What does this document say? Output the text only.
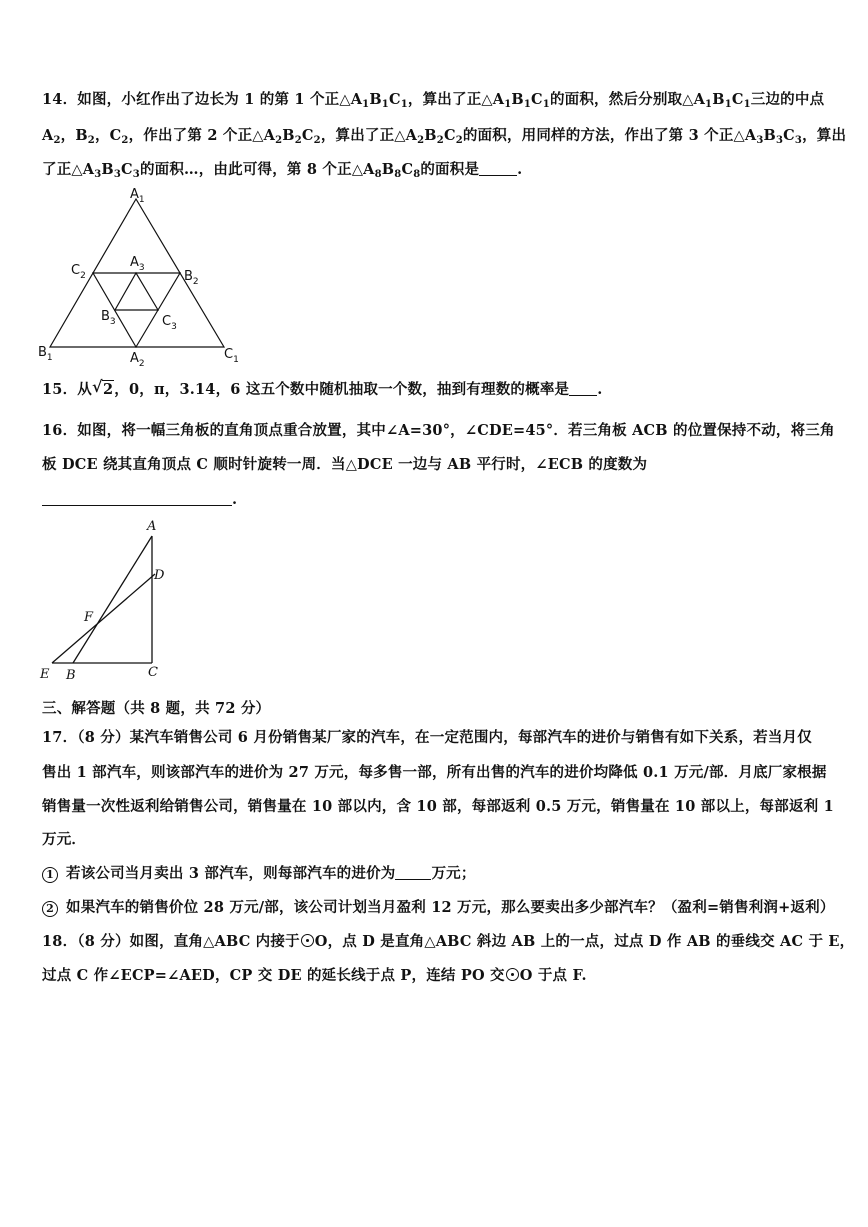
14．如图，小红作出了边长为 1 的第 1 个正$\triangle A_1B_1C_1$，算出了正$\triangle A_1B_1C_1$的面积，然后分别取$\triangle A_1B_1C_1$三边的中点
$A_2$，$B_2$，$C_2$，作出了第 2 个正$\triangle A_2B_2C_2$，算出了正$\triangle A_2B_2C_2$的面积，用同样的方法，作出了第 3 个正$\triangle A_3B_3C_3$，算出
了正$\triangle A_3B_3C_3$的面积…，由此可得，第 8 个正$\triangle A_8B_8C_8$的面积是	.
$A_1$
$A_3$
$C_2$	$B_2$
$B_3$	$C_3$
$B_1$	$A_2$
$C_1$
15．从 √ 2，0，π，3.14，6 这五个数中随机抽取一个数，抽到有理数的概率是 .
16．如图，将一幅三角板的直角顶点重合放置，其中∠A=30°，∠CDE=45°．若三角板 ACB 的位置保持不动，将三角
板 DCE 绕其直角顶点 C 顺时针旋转一周．当△DCE 一边与 AB 平行时，∠ECB 的度数为
.
A
D
F
E B	C
三、解答题（共 8 题，共 72 分）
17．（8 分）某汽车销售公司 6 月份销售某厂家的汽车，在一定范围内，每部汽车的进价与销售有如下关系，若当月仅
售出 1 部汽车，则该部汽车的进价为 27 万元，每多售一部，所有出售的汽车的进价均降低 0.1 万元/部．月底厂家根据
销售量一次性返利给销售公司，销售量在 10 部以内，含 10 部，每部返利 0.5 万元，销售量在 10 部以上，每部返利 1
万元．
1 若该公司当月卖出 3 部汽车，则每部汽车的进价为 万元；
2 如果汽车的销售价位 28 万元/部，该公司计划当月盈利 12 万元，那么要卖出多少部汽车？（盈利=销售利润+返利）
18．（8 分）如图，直角△ABC 内接于 O，点 D 是直角△ABC 斜边 AB 上的一点，过点 D 作 AB 的垂线交 AC 于 E，
过点 C 作∠ECP=∠AED，CP 交 DE 的延长线于点 P，连结 PO 交 O 于点 F.
